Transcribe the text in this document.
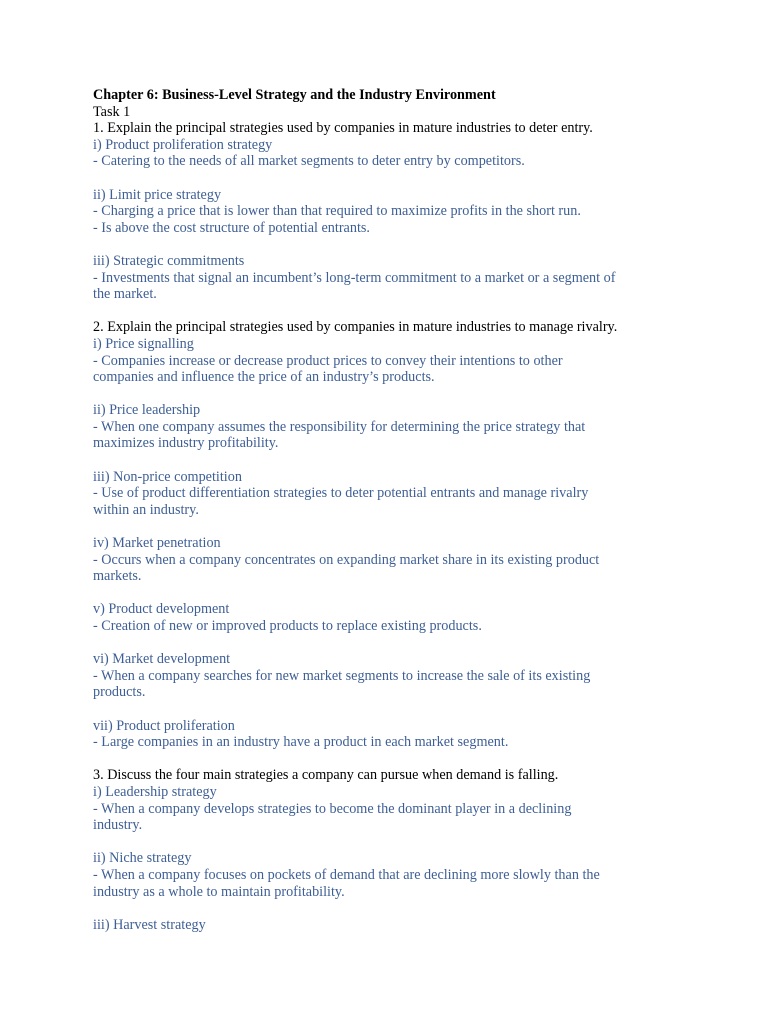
Chapter 6: Business-Level Strategy and the Industry Environment
Task 1
1. Explain the principal strategies used by companies in mature industries to deter entry.
i) Product proliferation strategy
- Catering to the needs of all market segments to deter entry by competitors.
ii) Limit price strategy
- Charging a price that is lower than that required to maximize profits in the short run.
- Is above the cost structure of potential entrants.
iii) Strategic commitments
- Investments that signal an incumbent’s long-term commitment to a market or a segment of
the market.
2. Explain the principal strategies used by companies in mature industries to manage rivalry.
i) Price signalling
- Companies increase or decrease product prices to convey their intentions to other
companies and influence the price of an industry’s products.
ii) Price leadership
- When one company assumes the responsibility for determining the price strategy that
maximizes industry profitability.
iii) Non-price competition
- Use of product differentiation strategies to deter potential entrants and manage rivalry
within an industry.
iv) Market penetration
- Occurs when a company concentrates on expanding market share in its existing product
markets.
v) Product development
- Creation of new or improved products to replace existing products.
vi) Market development
- When a company searches for new market segments to increase the sale of its existing
products.
vii) Product proliferation
- Large companies in an industry have a product in each market segment.
3. Discuss the four main strategies a company can pursue when demand is falling.
i) Leadership strategy
- When a company develops strategies to become the dominant player in a declining
industry.
ii) Niche strategy
- When a company focuses on pockets of demand that are declining more slowly than the
industry as a whole to maintain profitability.
iii) Harvest strategy
